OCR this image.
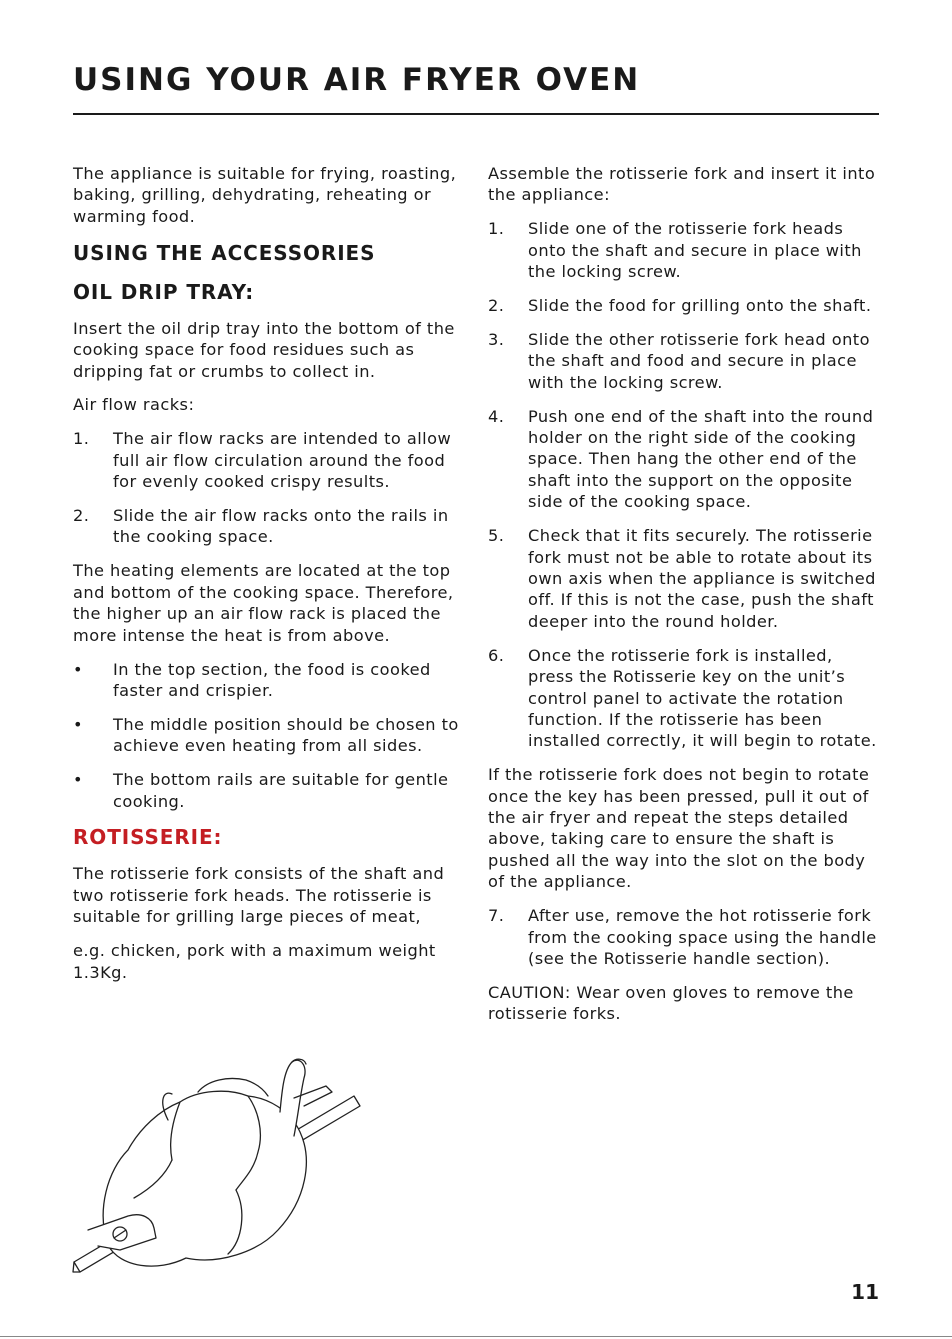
USING YOUR AIR FRYER OVEN

The appliance is suitable for frying, roasting, baking, grilling, dehydrating, reheating or warming food.

USING THE ACCESSORIES
OIL DRIP TRAY:

Insert the oil drip tray into the bottom of the cooking space for food residues such as dripping fat or crumbs to collect in.

Air flow racks:

1. The air flow racks are intended to allow full air flow circulation around the food for evenly cooked crispy results.
2. Slide the air flow racks onto the rails in the cooking space.

The heating elements are located at the top and bottom of the cooking space. Therefore, the higher up an air flow rack is placed the more intense the heat is from above.

• In the top section, the food is cooked faster and crispier.
• The middle position should be chosen to achieve even heating from all sides.
• The bottom rails are suitable for gentle cooking.
ROTISSERIE:

The rotisserie fork consists of the shaft and two rotisserie fork heads. The rotisserie is suitable for grilling large pieces of meat,

e.g. chicken, pork with a maximum weight 1.3Kg.

Assemble the rotisserie fork and insert it into the appliance:

1. Slide one of the rotisserie fork heads onto the shaft and secure in place with the locking screw.
2. Slide the food for grilling onto the shaft.
3. Slide the other rotisserie fork head onto the shaft and food and secure in place with the locking screw.
4. Push one end of the shaft into the round holder on the right side of the cooking space. Then hang the other end of the shaft into the support on the opposite side of the cooking space.
5. Check that it fits securely. The rotisserie fork must not be able to rotate about its own axis when the appliance is switched off. If this is not the case, push the shaft deeper into the round holder.
6. Once the rotisserie fork is installed, press the Rotisserie key on the unit’s control panel to activate the rotation function. If the rotisserie has been installed correctly, it will begin to rotate.

If the rotisserie fork does not begin to rotate once the key has been pressed, pull it out of the air fryer and repeat the steps detailed above, taking care to ensure the shaft is pushed all the way into the slot on the body of the appliance.

7. After use, remove the hot rotisserie fork from the cooking space using the handle (see the Rotisserie handle section).

CAUTION: Wear oven gloves to remove the rotisserie forks.

11
